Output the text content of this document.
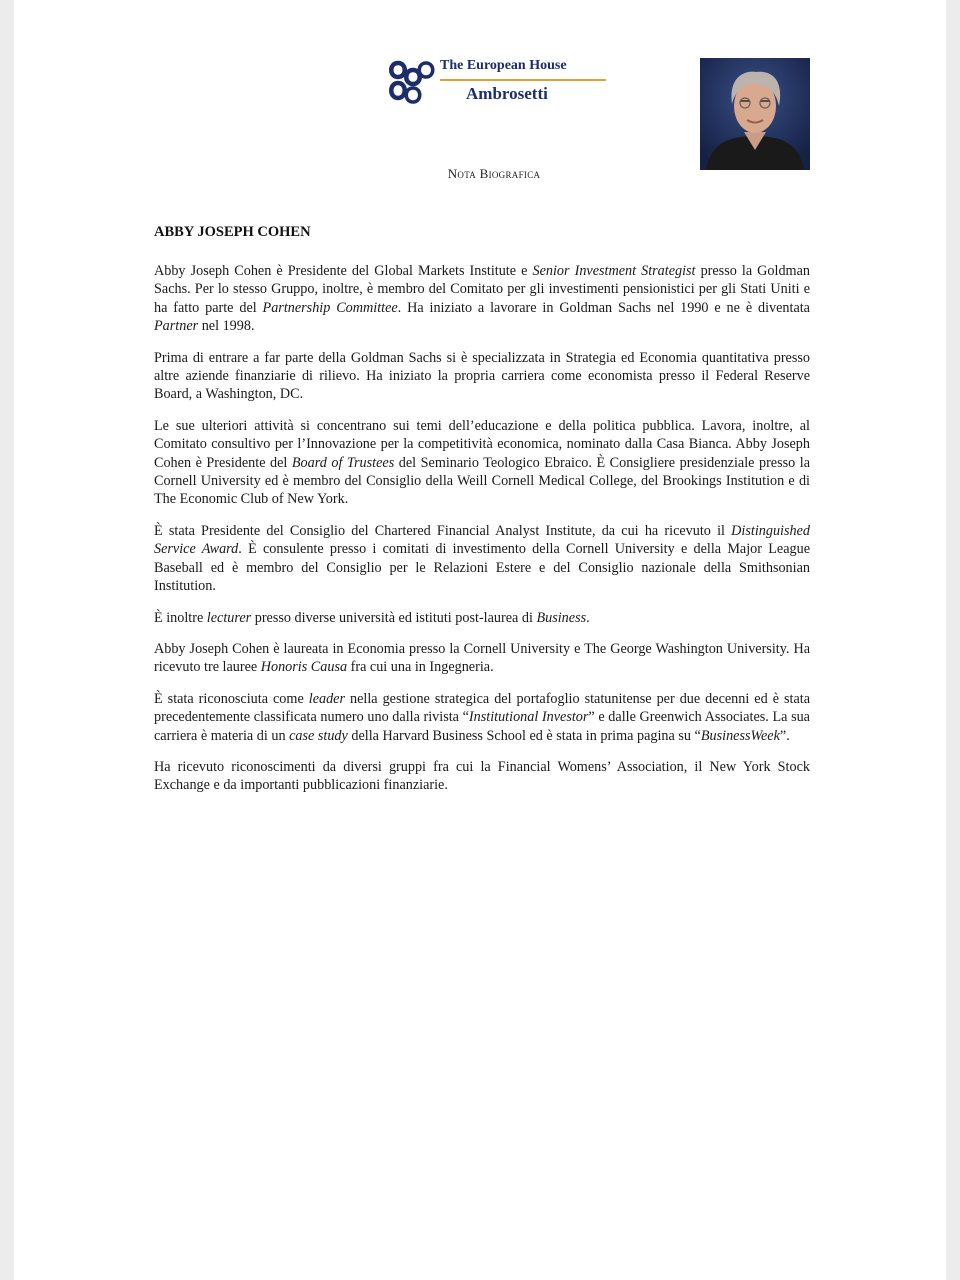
The European House
Ambrosetti
Nota Biografica
ABBY JOSEPH COHEN

Abby Joseph Cohen è Presidente del Global Markets Institute e Senior Investment Strategist presso la Goldman Sachs. Per lo stesso Gruppo, inoltre, è membro del Comitato per gli investimenti pensionistici per gli Stati Uniti e ha fatto parte del Partnership Committee. Ha iniziato a lavorare in Goldman Sachs nel 1990 e ne è diventata Partner nel 1998.

Prima di entrare a far parte della Goldman Sachs si è specializzata in Strategia ed Economia quantitativa presso altre aziende finanziarie di rilievo. Ha iniziato la propria carriera come economista presso il Federal Reserve Board, a Washington, DC.

Le sue ulteriori attività si concentrano sui temi dell’educazione e della politica pubblica. Lavora, inoltre, al Comitato consultivo per l’Innovazione per la competitività economica, nominato dalla Casa Bianca. Abby Joseph Cohen è Presidente del Board of Trustees del Seminario Teologico Ebraico. È Consigliere presidenziale presso la Cornell University ed è membro del Consiglio della Weill Cornell Medical College, del Brookings Institution e di The Economic Club of New York.

È stata Presidente del Consiglio del Chartered Financial Analyst Institute, da cui ha ricevuto il Distinguished Service Award. È consulente presso i comitati di investimento della Cornell University e della Major League Baseball ed è membro del Consiglio per le Relazioni Estere e del Consiglio nazionale della Smithsonian Institution.

È inoltre lecturer presso diverse università ed istituti post-laurea di Business.

Abby Joseph Cohen è laureata in Economia presso la Cornell University e The George Washington University. Ha ricevuto tre lauree Honoris Causa fra cui una in Ingegneria.

È stata riconosciuta come leader nella gestione strategica del portafoglio statunitense per due decenni ed è stata precedentemente classificata numero uno dalla rivista “Institutional Investor” e dalle Greenwich Associates. La sua carriera è materia di un case study della Harvard Business School ed è stata in prima pagina su “BusinessWeek”.

Ha ricevuto riconoscimenti da diversi gruppi fra cui la Financial Womens’ Association, il New York Stock Exchange e da importanti pubblicazioni finanziarie.
